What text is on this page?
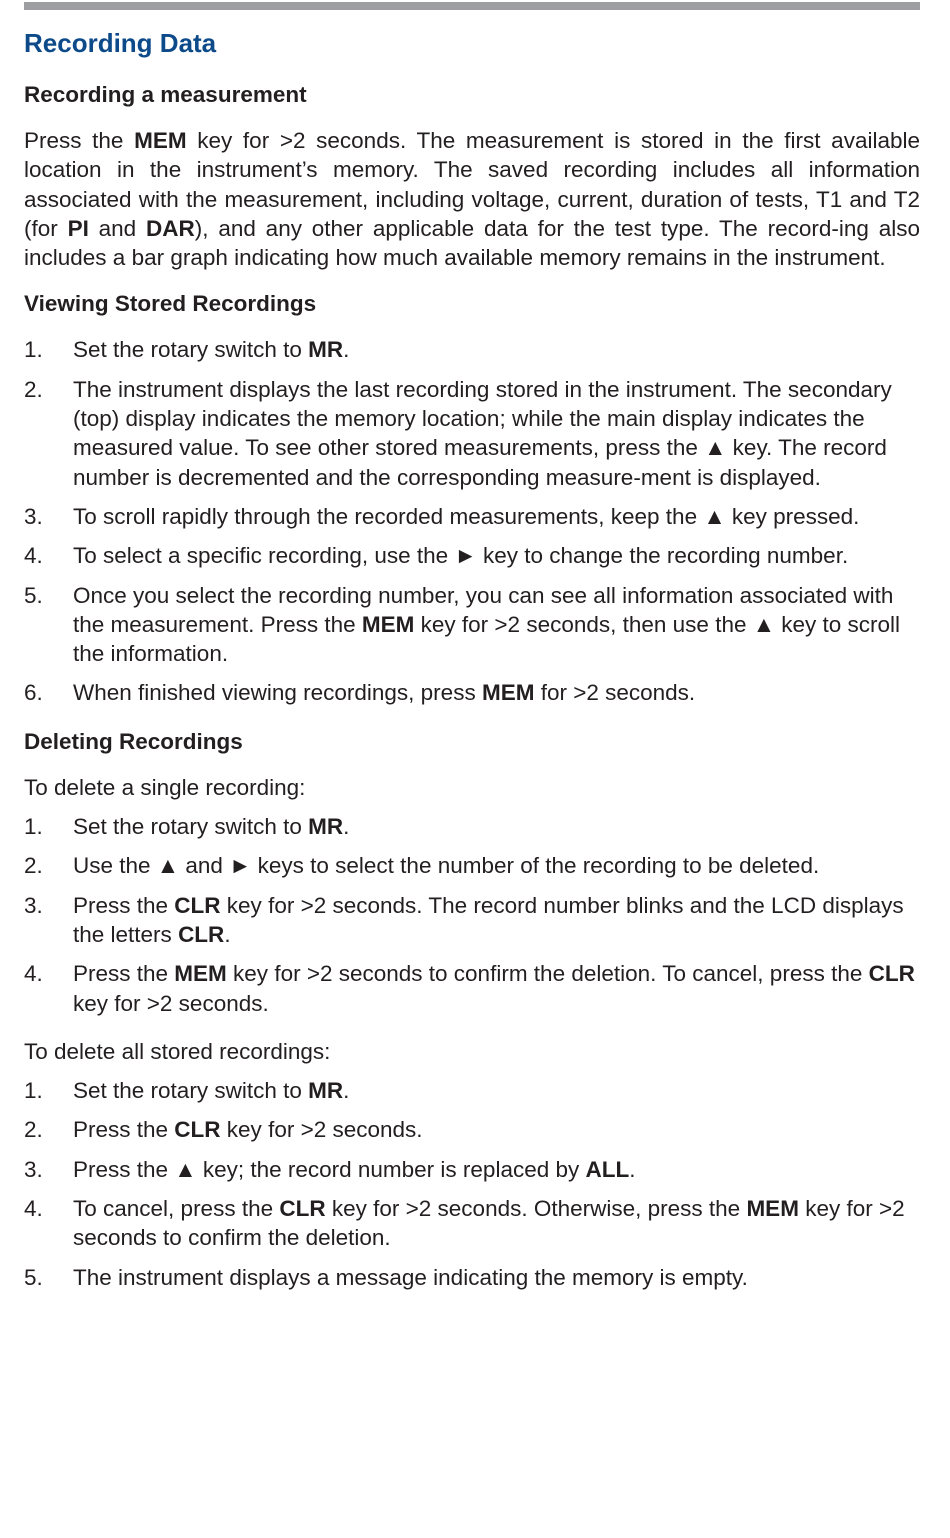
Recording Data
Recording a measurement

Press the MEM key for >2 seconds. The measurement is stored in the first available location in the instrument’s memory. The saved recording includes all information associated with the measurement, including voltage, current, duration of tests, T1 and T2 (for PI and DAR), and any other applicable data for the test type. The record-ing also includes a bar graph indicating how much available memory remains in the instrument.

Viewing Stored Recordings
1. Set the rotary switch to MR.
2. The instrument displays the last recording stored in the instrument. The secondary (top) display indicates the memory location; while the main display indicates the measured value. To see other stored measurements, press the ▲ key. The record number is decremented and the corresponding measure-ment is displayed.
3. To scroll rapidly through the recorded measurements, keep the ▲ key pressed.
4. To select a specific recording, use the ► key to change the recording number.
5. Once you select the recording number, you can see all information associated with the measurement. Press the MEM key for >2 seconds, then use the ▲ key to scroll the information.
6. When finished viewing recordings, press MEM for >2 seconds.
Deleting Recordings

To delete a single recording:

1. Set the rotary switch to MR.
2. Use the ▲ and ► keys to select the number of the recording to be deleted.
3. Press the CLR key for >2 seconds. The record number blinks and the LCD displays the letters CLR.
4. Press the MEM key for >2 seconds to confirm the deletion. To cancel, press the CLR key for >2 seconds.

To delete all stored recordings:

1. Set the rotary switch to MR.
2. Press the CLR key for >2 seconds.
3. Press the ▲ key; the record number is replaced by ALL.
4. To cancel, press the CLR key for >2 seconds. Otherwise, press the MEM key for >2 seconds to confirm the deletion.
5. The instrument displays a message indicating the memory is empty.
